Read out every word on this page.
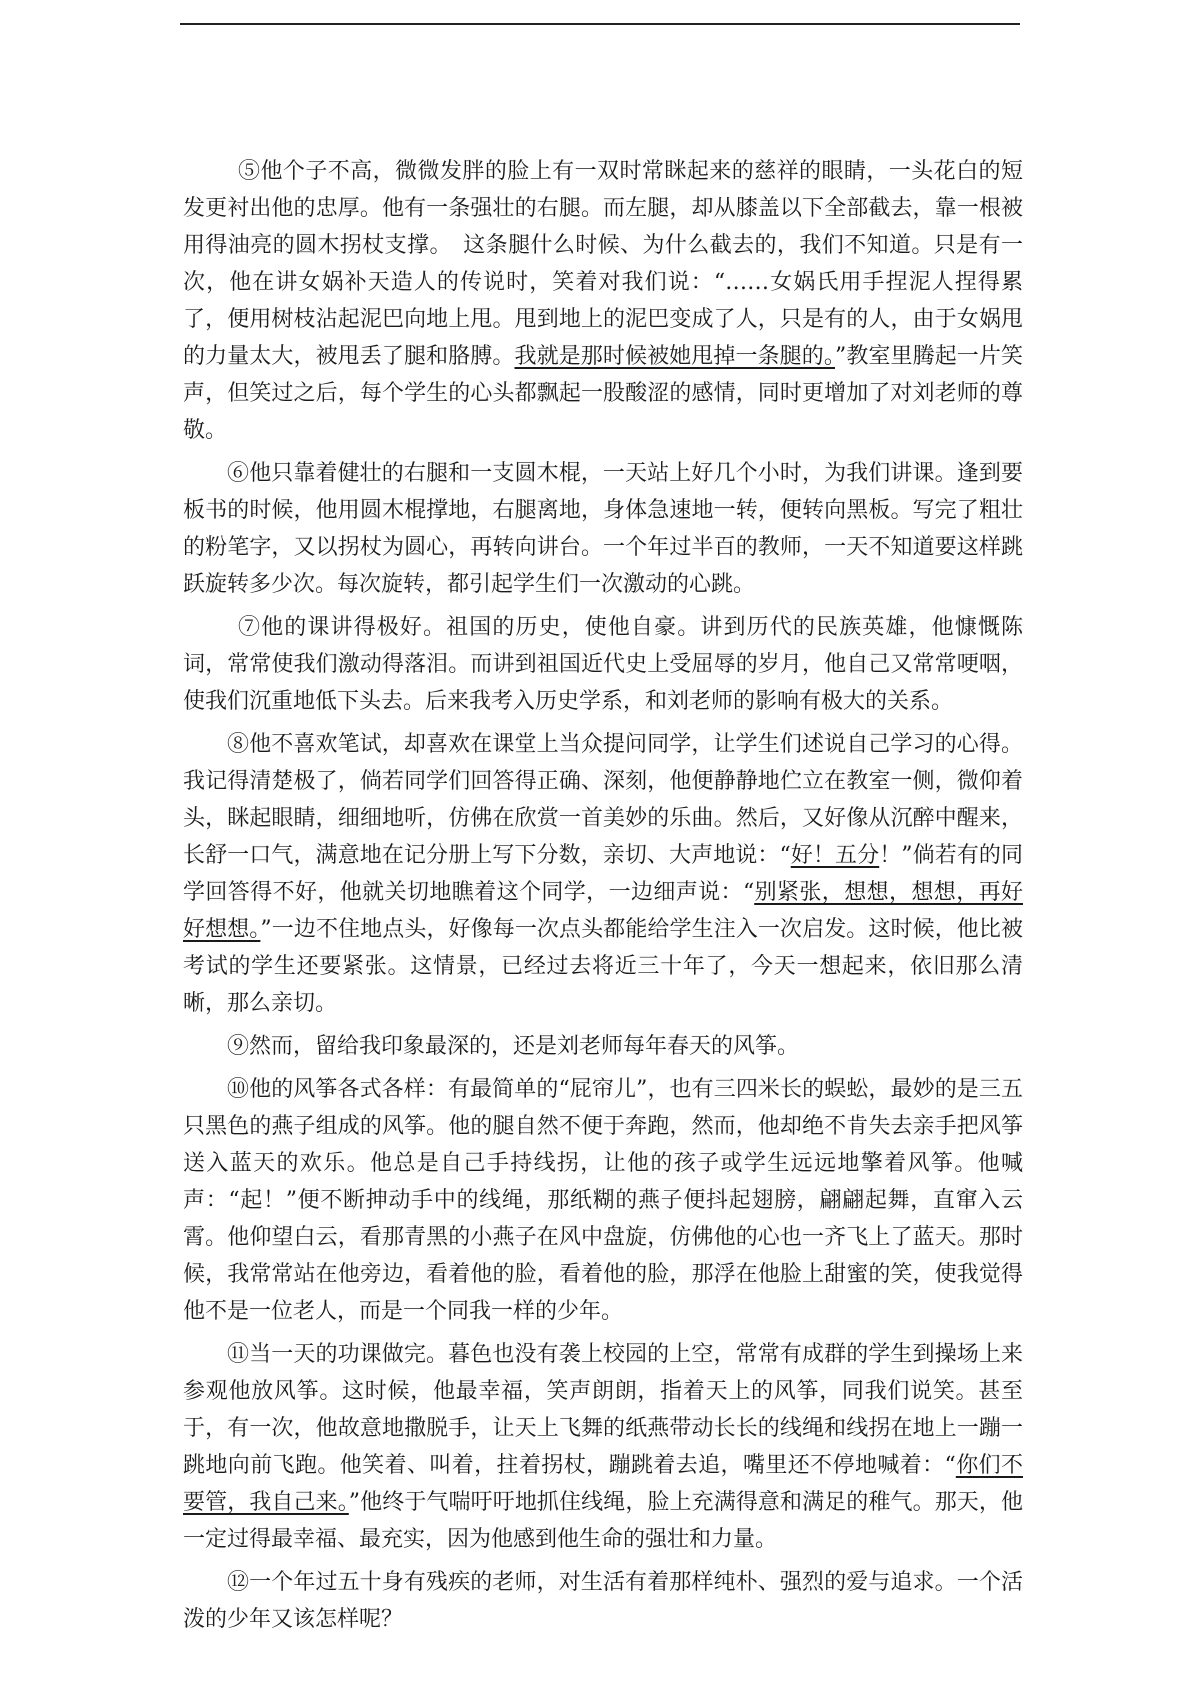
⑤他个子不高，微微发胖的脸上有一双时常眯起来的慈祥的眼睛，一头花白的短发更衬出他的忠厚。他有一条强壮的右腿。而左腿，却从膝盖以下全部截去，靠一根被用得油亮的圆木拐杖支撑。　这条腿什么时候、为什么截去的，我们不知道。只是有一次，他在讲女娲补天造人的传说时，笑着对我们说：“……女娲氏用手捏泥人捏得累了，便用树枝沾起泥巴向地上甩。甩到地上的泥巴变成了人，只是有的人，由于女娲甩的力量太大，被甩丢了腿和胳膊。我就是那时候被她甩掉一条腿的。”教室里腾起一片笑声，但笑过之后，每个学生的心头都飘起一股酸涩的感情，同时更增加了对刘老师的尊敬。

⑥他只靠着健壮的右腿和一支圆木棍，一天站上好几个小时，为我们讲课。逢到要板书的时候，他用圆木棍撑地，右腿离地，身体急速地一转，便转向黑板。写完了粗壮的粉笔字，又以拐杖为圆心，再转向讲台。一个年过半百的教师，一天不知道要这样跳跃旋转多少次。每次旋转，都引起学生们一次激动的心跳。

⑦他的课讲得极好。祖国的历史，使他自豪。讲到历代的民族英雄，他慷慨陈词，常常使我们激动得落泪。而讲到祖国近代史上受屈辱的岁月，他自己又常常哽咽，使我们沉重地低下头去。后来我考入历史学系，和刘老师的影响有极大的关系。

⑧他不喜欢笔试，却喜欢在课堂上当众提问同学，让学生们述说自己学习的心得。我记得清楚极了，倘若同学们回答得正确、深刻，他便静静地伫立在教室一侧，微仰着头，眯起眼睛，细细地听，仿佛在欣赏一首美妙的乐曲。然后，又好像从沉醉中醒来，长舒一口气，满意地在记分册上写下分数，亲切、大声地说：“好！五分！”倘若有的同学回答得不好，他就关切地瞧着这个同学，一边细声说：“别紧张，想想，想想，再好好想想。”一边不住地点头，好像每一次点头都能给学生注入一次启发。这时候，他比被考试的学生还要紧张。这情景，已经过去将近三十年了，今天一想起来，依旧那么清晰，那么亲切。

⑨然而，留给我印象最深的，还是刘老师每年春天的风筝。

⑩他的风筝各式各样：有最简单的“屁帘儿”，也有三四米长的蜈蚣，最妙的是三五只黑色的燕子组成的风筝。他的腿自然不便于奔跑，然而，他却绝不肯失去亲手把风筝送入蓝天的欢乐。他总是自己手持线拐，让他的孩子或学生远远地擎着风筝。他喊声：“起！”便不断抻动手中的线绳，那纸糊的燕子便抖起翅膀，翩翩起舞，直窜入云霄。他仰望白云，看那青黑的小燕子在风中盘旋，仿佛他的心也一齐飞上了蓝天。那时候，我常常站在他旁边，看着他的脸，看着他的脸，那浮在他脸上甜蜜的笑，使我觉得他不是一位老人，而是一个同我一样的少年。

⑪当一天的功课做完。暮色也没有袭上校园的上空，常常有成群的学生到操场上来参观他放风筝。这时候，他最幸福，笑声朗朗，指着天上的风筝，同我们说笑。甚至于，有一次，他故意地撒脱手，让天上飞舞的纸燕带动长长的线绳和线拐在地上一蹦一跳地向前飞跑。他笑着、叫着，拄着拐杖，蹦跳着去追，嘴里还不停地喊着：“你们不要管，我自己来。”他终于气喘吁吁地抓住线绳，脸上充满得意和满足的稚气。那天，他一定过得最幸福、最充实，因为他感到他生命的强壮和力量。

⑫一个年过五十身有残疾的老师，对生活有着那样纯朴、强烈的爱与追求。一个活泼的少年又该怎样呢？
